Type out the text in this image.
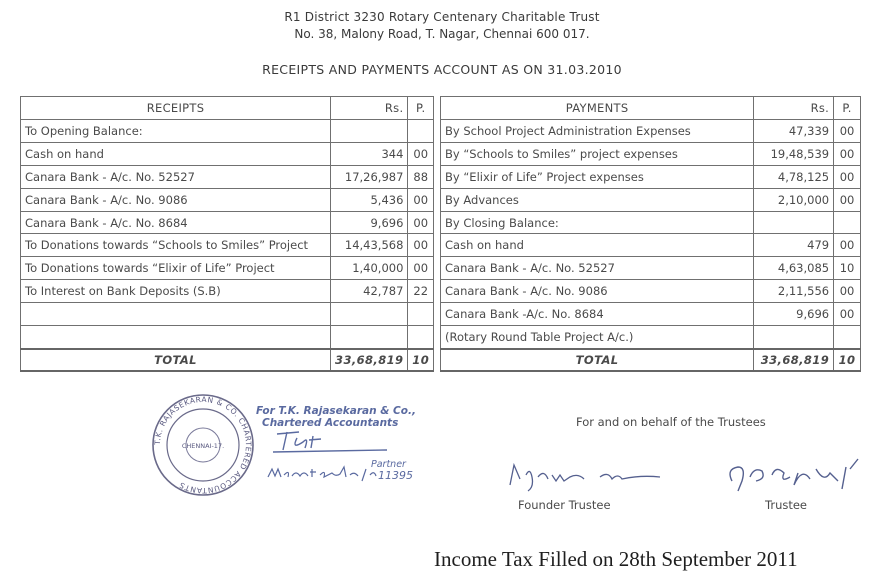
R1 District 3230 Rotary Centenary Charitable Trust
No. 38, Malony Road, T. Nagar, Chennai 600 017.
RECEIPTS AND PAYMENTS ACCOUNT AS ON 31.03.2010
RECEIPTS	Rs.	P.
To Opening Balance:		
Cash on hand	344	00
Canara Bank - A/c. No. 52527	17,26,987	88
Canara Bank - A/c. No. 9086	5,436	00
Canara Bank - A/c. No. 8684	9,696	00
To Donations towards “Schools to Smiles” Project	14,43,568	00
To Donations towards “Elixir of Life” Project	1,40,000	00
To Interest on Bank Deposits (S.B)	42,787	22

TOTAL	33,68,819	10
PAYMENTS	Rs.	P.
By School Project Administration Expenses	47,339	00
By “Schools to Smiles” project expenses	19,48,539	00
By “Elixir of Life” Project expenses	4,78,125	00
By Advances	2,10,000	00
By Closing Balance:		
Cash on hand	479	00
Canara Bank - A/c. No. 52527	4,63,085	10
Canara Bank - A/c. No. 9086	2,11,556	00
Canara Bank -A/c. No. 8684	9,696	00
(Rotary Round Table Project A/c.)		
TOTAL	33,68,819	10
T.K. RAJASEKARAN & CO. CHARTERED ACCOUNTANTS
CHENNAI-17.
For T.K. Rajasekaran & Co.,
Chartered Accountants
11395
Partner
For and on behalf of the Trustees
Founder Trustee	Trustee
Income Tax Filled on 28th September 2011
